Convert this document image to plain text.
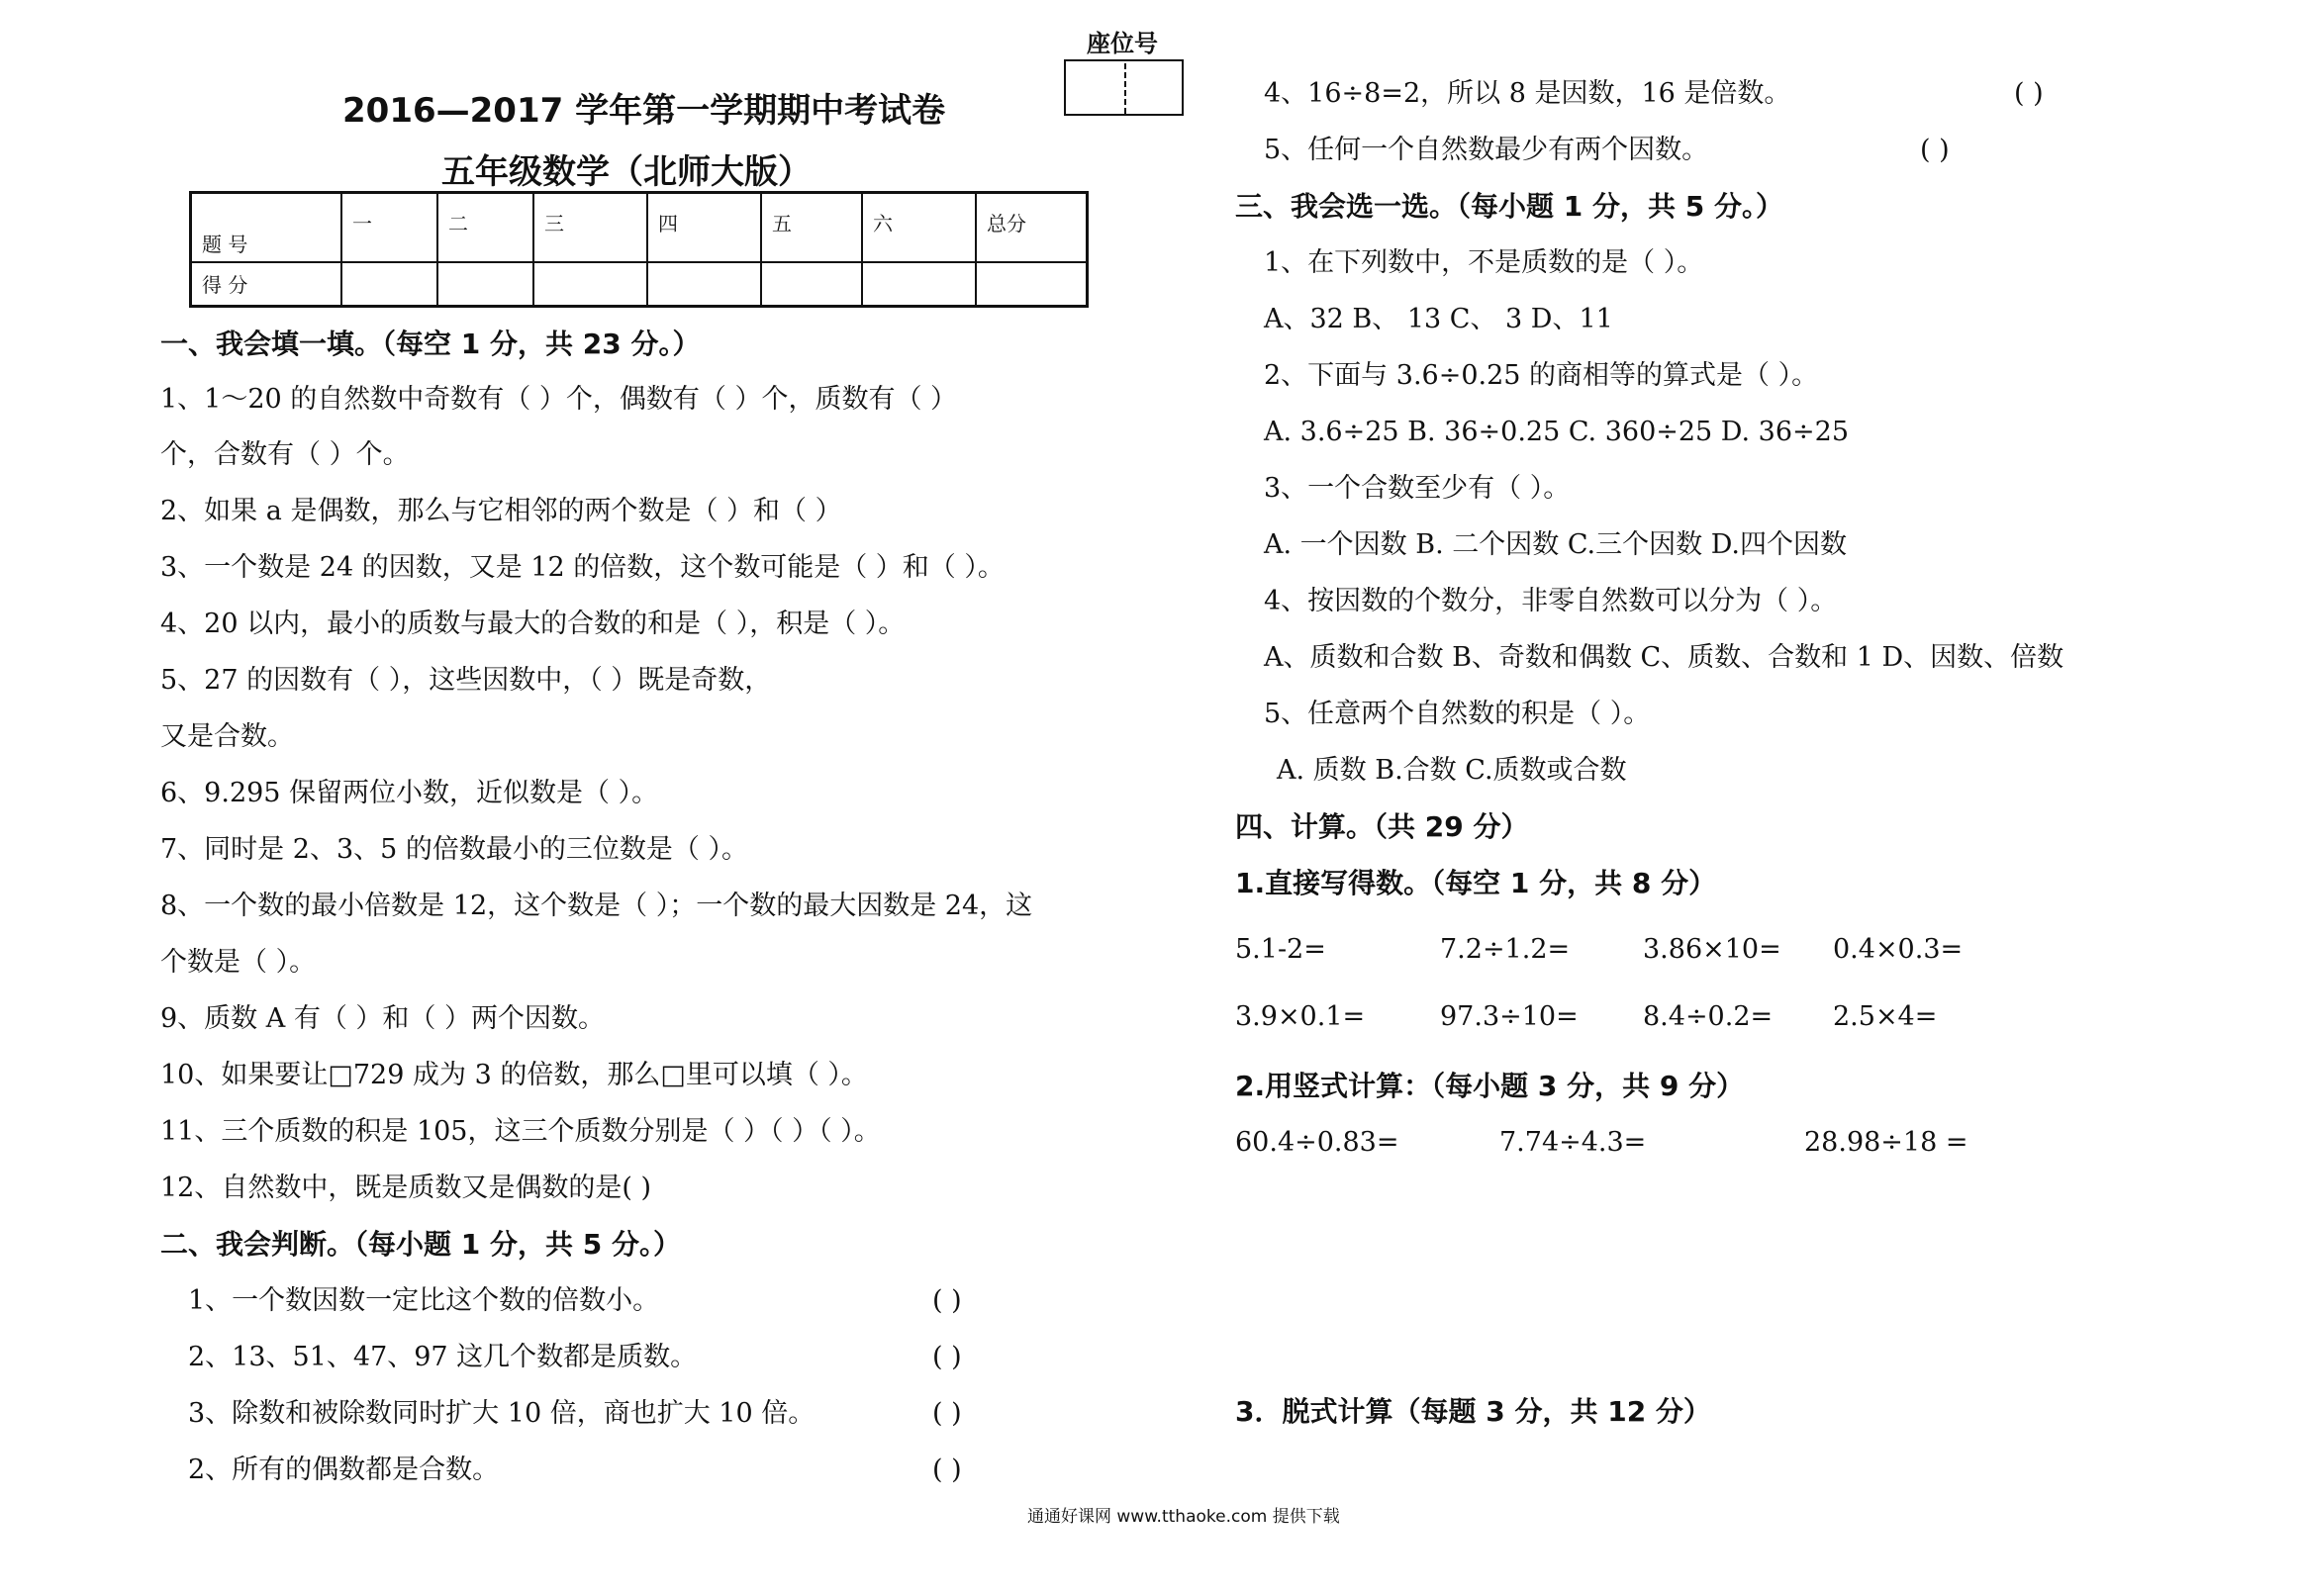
座位号
2016—2017 学年第一学期期中考试卷
五年级数学（北师大版）
题 号	一	二	三	四	五	六	总分
得 分							
一、我会填一填。（每空 1 分，共 23 分。）
1、1～20 的自然数中奇数有（ ）个，偶数有（ ）个，质数有（ ）
个，合数有（ ）个。
2、如果 a 是偶数，那么与它相邻的两个数是（ ）和（ ）
3、一个数是 24 的因数，又是 12 的倍数，这个数可能是（ ）和（ ）。
4、20 以内，最小的质数与最大的合数的和是（ ），积是（ ）。
5、27 的因数有（ ），这些因数中，（ ）既是奇数，
又是合数。
6、9.295 保留两位小数，近似数是（ ）。
7、同时是 2、3、5 的倍数最小的三位数是（ ）。
8、一个数的最小倍数是 12，这个数是（ ）；一个数的最大因数是 24，这
个数是（ ）。
9、质数 A 有（ ）和（ ）两个因数。
10、如果要让□729 成为 3 的倍数，那么□里可以填（ ）。
11、三个质数的积是 105，这三个质数分别是（ ）（ ）（ ）。
12、自然数中，既是质数又是偶数的是( )
二、我会判断。（每小题 1 分，共 5 分。）
1、一个数因数一定比这个数的倍数小。	( )
2、13、51、47、97 这几个数都是质数。	( )
3、除数和被除数同时扩大 10 倍，商也扩大 10 倍。	( )
2、所有的偶数都是合数。	( )
4、16÷8=2，所以 8 是因数，16 是倍数。	( )
5、任何一个自然数最少有两个因数。	( )
三、我会选一选。（每小题 1 分，共 5 分。）
1、在下列数中，不是质数的是（ ）。
A、32 B、 13 C、 3 D、11
2、下面与 3.6÷0.25 的商相等的算式是（ ）。
A. 3.6÷25 B. 36÷0.25 C. 360÷25 D. 36÷25
3、一个合数至少有（ ）。
A. 一个因数 B. 二个因数 C.三个因数 D.四个因数
4、按因数的个数分，非零自然数可以分为（ ）。
A、质数和合数 B、奇数和偶数 C、质数、合数和 1 D、因数、倍数
5、任意两个自然数的积是（ ）。
A. 质数 B.合数 C.质数或合数
四、计算。（共 29 分）
1.直接写得数。（每空 1 分，共 8 分）
5.1-2=	7.2÷1.2=	3.86×10= 0.4×0.3=
3.9×0.1=	97.3÷10= 8.4÷0.2= 2.5×4=
2.用竖式计算：（每小题 3 分，共 9 分）
60.4÷0.83=	7.74÷4.3=	28.98÷18 =
3．脱式计算（每题 3 分，共 12 分）
通通好课网 www.tthaoke.com 提供下载
